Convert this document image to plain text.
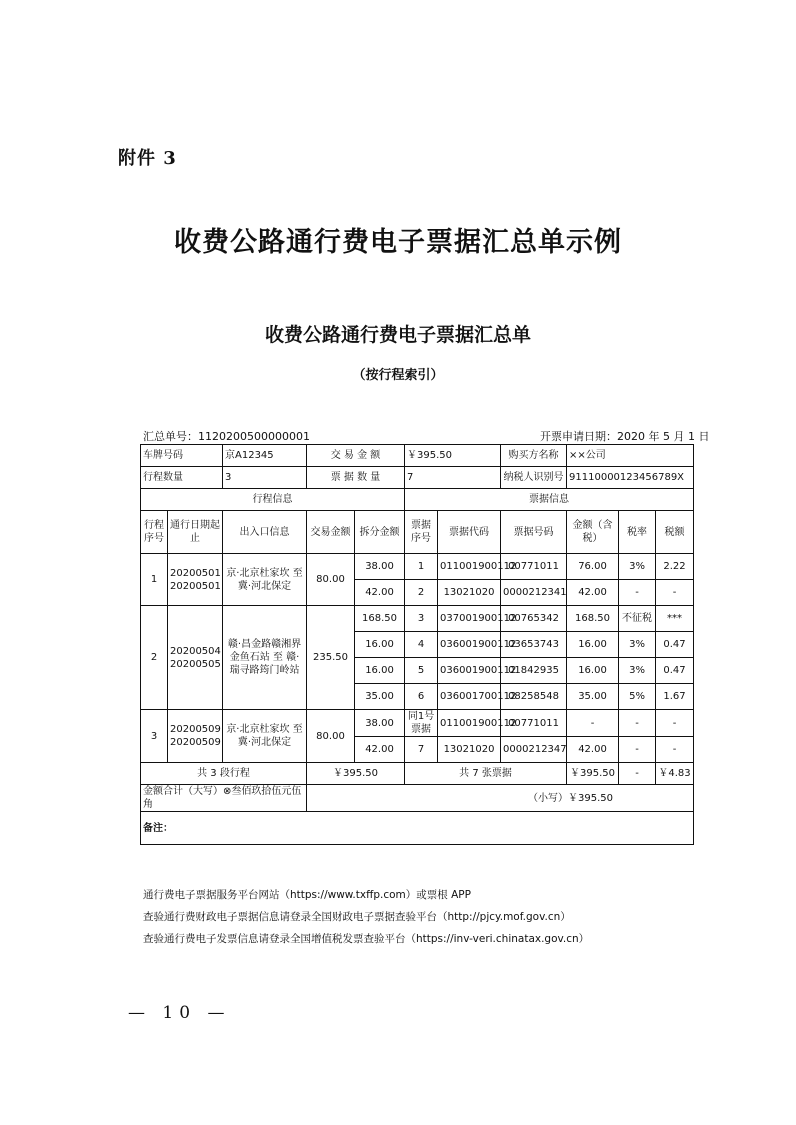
附件 3
收费公路通行费电子票据汇总单示例
收费公路通行费电子票据汇总单
（按行程索引）
汇总单号：1120200500000001	开票申请日期：2020 年 5 月 1 日
车牌号码		京A12345	交 易 金 额		￥395.50		购买方名称	××公司		
行程数量		3	票 据 数 量		7		纳税人识别号	91110000123456789X		
行程信息					票据信息					
行程序号	通行日期起止	出入口信息	交易金额	拆分金额	票据序号	票据代码	票据号码	金额（含税）	税率	税额
1	20200501 20200501	京·北京杜家坎 至 冀·河北保定	80.00	38.00	1	011001900112	00771011	76.00	3%	2.22
				42.00	2	13021020	0000212341	42.00	-	-
2	20200504 20200505	赣·昌金路赣湘界金鱼石站 至 赣·瑞寻路筠门岭站	235.50	168.50	3	037001900112	00765342	168.50	不征税	***
				16.00	4	036001900112	03653743	16.00	3%	0.47
				16.00	5	036001900112	01842935	16.00	3%	0.47
				35.00	6	036001700112	08258548	35.00	5%	1.67
3	20200509 20200509	京·北京杜家坎 至 冀·河北保定	80.00	38.00	同1号票据	011001900112	00771011	-	-	-
				42.00	7	13021020	0000212347	42.00	-	-
共 3 段行程			￥395.50		共 7 张票据			￥395.50	-	￥4.83
金额合计（大写）⊗叁佰玖拾伍元伍角			（小写）￥395.50							
备注：										
通行费电子票据服务平台网站（https://www.txffp.com）或票根 APP
查验通行费财政电子票据信息请登录全国财政电子票据查验平台（http://pjcy.mof.gov.cn）
查验通行费电子发票信息请登录全国增值税发票查验平台（https://inv-veri.chinatax.gov.cn）
— 10 —
